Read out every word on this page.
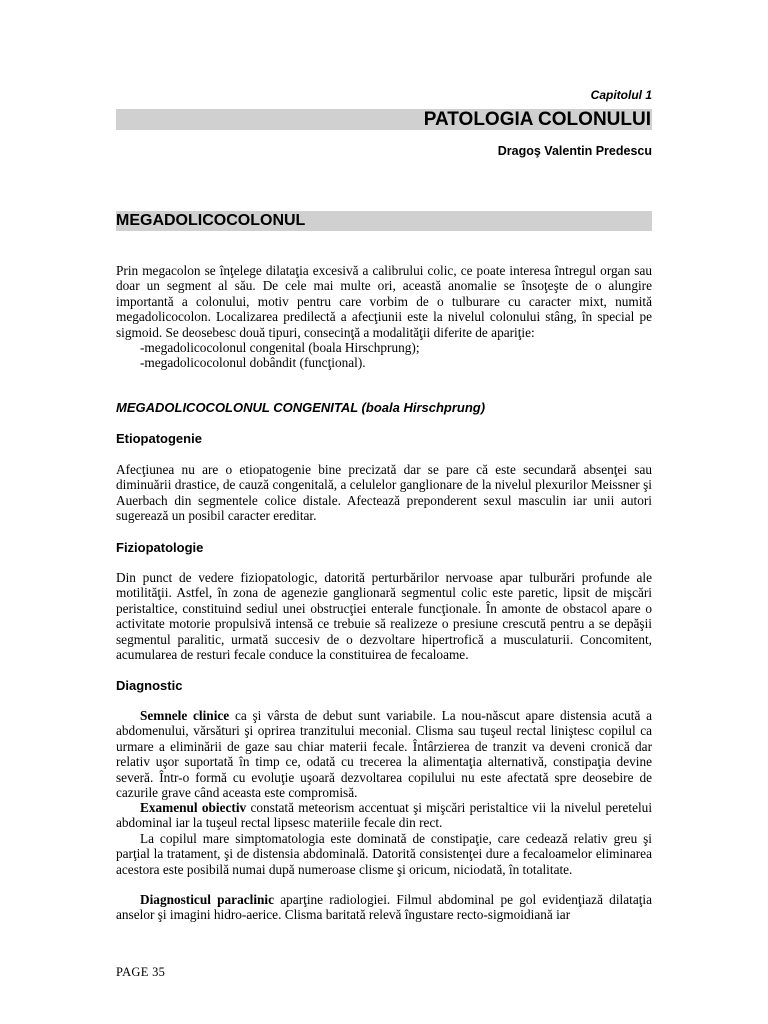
Capitolul 1
PATOLOGIA COLONULUI
Dragoş Valentin Predescu
MEGADOLICOCOLONUL

Prin megacolon se înţelege dilataţia excesivă a calibrului colic, ce poate interesa întregul organ sau doar un segment al său. De cele mai multe ori, această anomalie se însoţeşte de o alungire importantă a colonului, motiv pentru care vorbim de o tulburare cu caracter mixt, numită megadolicocolon. Localizarea predilectă a afecţiunii este la nivelul colonului stâng, în special pe sigmoid. Se deosebesc două tipuri, consecinţă a modalităţii diferite de apariţie:

-megadolicocolonul congenital (boala Hirschprung);

-megadolicocolonul dobândit (funcţional).

MEGADOLICOCOLONUL CONGENITAL (boala Hirschprung)
Etiopatogenie

Afecţiunea nu are o etiopatogenie bine precizată dar se pare că este secundară absenţei sau diminuării drastice, de cauză congenitală, a celulelor ganglionare de la nivelul plexurilor Meissner şi Auerbach din segmentele colice distale. Afectează preponderent sexul masculin iar unii autori sugerează un posibil caracter ereditar.

Fiziopatologie

Din punct de vedere fiziopatologic, datorită perturbărilor nervoase apar tulburări profunde ale motilităţii. Astfel, în zona de agenezie ganglionară segmentul colic este paretic, lipsit de mişcări peristaltice, constituind sediul unei obstrucţiei enterale funcţionale. În amonte de obstacol apare o activitate motorie propulsivă intensă ce trebuie să realizeze o presiune crescută pentru a se depăşii segmentul paralitic, urmată succesiv de o dezvoltare hipertrofică a musculaturii. Concomitent, acumularea de resturi fecale conduce la constituirea de fecaloame.

Diagnostic

Semnele clinice ca şi vârsta de debut sunt variabile. La nou-născut apare distensia acută a abdomenului, vărsături şi oprirea tranzitului meconial. Clisma sau tuşeul rectal liniştesc copilul ca urmare a eliminării de gaze sau chiar materii fecale. Întârzierea de tranzit va deveni cronică dar relativ uşor suportată în timp ce, odată cu trecerea la alimentaţia alternativă, constipaţia devine severă. Într-o formă cu evoluţie uşoară dezvoltarea copilului nu este afectată spre deosebire de cazurile grave când aceasta este compromisă.

Examenul obiectiv constată meteorism accentuat şi mişcări peristaltice vii la nivelul peretelui abdominal iar la tuşeul rectal lipsesc materiile fecale din rect.

La copilul mare simptomatologia este dominată de constipaţie, care cedează relativ greu şi parţial la tratament, şi de distensia abdominală. Datorită consistenţei dure a fecaloamelor eliminarea acestora este posibilă numai după numeroase clisme şi oricum, niciodată, în totalitate.

Diagnosticul paraclinic aparţine radiologiei. Filmul abdominal pe gol evidenţiază dilataţia anselor şi imagini hidro-aerice. Clisma baritată relevă îngustare recto-sigmoidiană iar

PAGE 35
